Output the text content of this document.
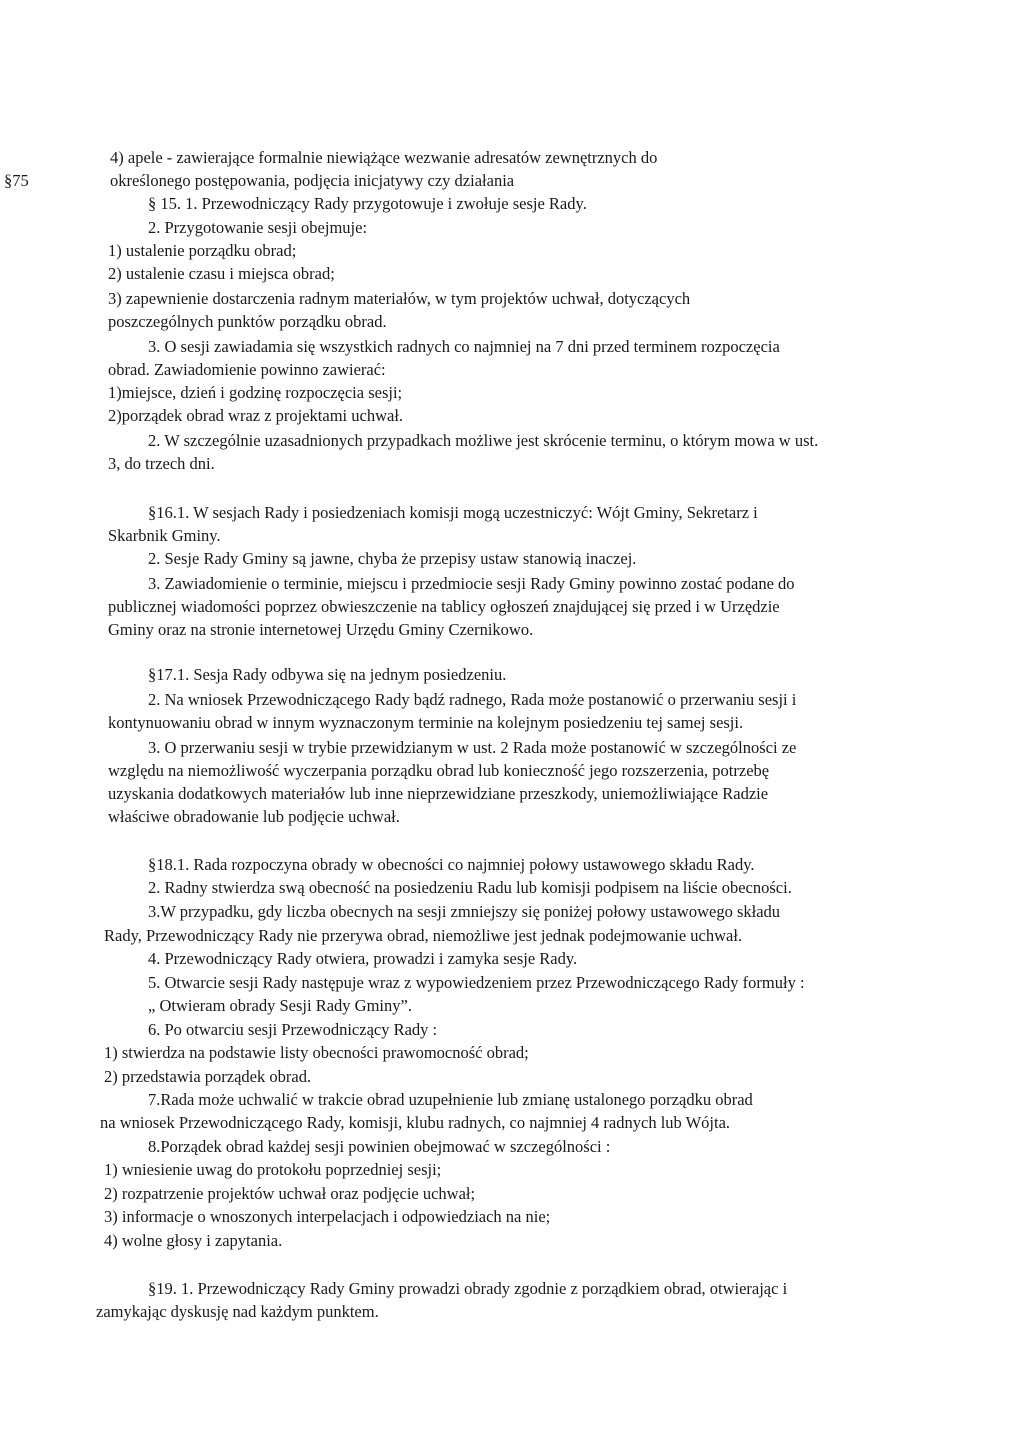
4) apele - zawierające formalnie niewiążące wezwanie adresatów zewnętrznych do
§75	określonego postępowania, podjęcia inicjatywy czy działania
§ 15. 1. Przewodniczący Rady przygotowuje i zwołuje sesje Rady.
2. Przygotowanie sesji obejmuje:
1) ustalenie porządku obrad;
2) ustalenie czasu i miejsca obrad;
3) zapewnienie dostarczenia radnym materiałów, w tym projektów uchwał, dotyczących
poszczególnych punktów porządku obrad.
3. O sesji zawiadamia się wszystkich radnych co najmniej na 7 dni przed terminem rozpoczęcia
obrad. Zawiadomienie powinno zawierać:
1)miejsce, dzień i godzinę rozpoczęcia sesji;
2)porządek obrad wraz z projektami uchwał.
2. W szczególnie uzasadnionych przypadkach możliwe jest skrócenie terminu, o którym mowa w ust.
3, do trzech dni.
§16.1. W sesjach Rady i posiedzeniach komisji mogą uczestniczyć: Wójt Gminy, Sekretarz i
Skarbnik Gminy.
2. Sesje Rady Gminy są jawne, chyba że przepisy ustaw stanowią inaczej.
3. Zawiadomienie o terminie, miejscu i przedmiocie sesji Rady Gminy powinno zostać podane do
publicznej wiadomości poprzez obwieszczenie na tablicy ogłoszeń znajdującej się przed i w Urzędzie
Gminy oraz na stronie internetowej Urzędu Gminy Czernikowo.
§17.1. Sesja Rady odbywa się na jednym posiedzeniu.
2. Na wniosek Przewodniczącego Rady bądź radnego, Rada może postanowić o przerwaniu sesji i
kontynuowaniu obrad w innym wyznaczonym terminie na kolejnym posiedzeniu tej samej sesji.
3. O przerwaniu sesji w trybie przewidzianym w ust. 2 Rada może postanowić w szczególności ze
względu na niemożliwość wyczerpania porządku obrad lub konieczność jego rozszerzenia, potrzebę
uzyskania dodatkowych materiałów lub inne nieprzewidziane przeszkody, uniemożliwiające Radzie
właściwe obradowanie lub podjęcie uchwał.
§18.1. Rada rozpoczyna obrady w obecności co najmniej połowy ustawowego składu Rady.
2. Radny stwierdza swą obecność na posiedzeniu Radu lub komisji podpisem na liście obecności.
3.W przypadku, gdy liczba obecnych na sesji zmniejszy się poniżej połowy ustawowego składu
Rady, Przewodniczący Rady nie przerywa obrad, niemożliwe jest jednak podejmowanie uchwał.
4. Przewodniczący Rady otwiera, prowadzi i zamyka sesje Rady.
5. Otwarcie sesji Rady następuje wraz z wypowiedzeniem przez Przewodniczącego Rady formuły :
„ Otwieram obrady Sesji Rady Gminy”.
6. Po otwarciu sesji Przewodniczący Rady :
1) stwierdza na podstawie listy obecności prawomocność obrad;
2) przedstawia porządek obrad.
7.Rada może uchwalić w trakcie obrad uzupełnienie lub zmianę ustalonego porządku obrad
na wniosek Przewodniczącego Rady, komisji, klubu radnych, co najmniej 4 radnych lub Wójta.
8.Porządek obrad każdej sesji powinien obejmować w szczególności :
1) wniesienie uwag do protokołu poprzedniej sesji;
2) rozpatrzenie projektów uchwał oraz podjęcie uchwał;
3) informacje o wnoszonych interpelacjach i odpowiedziach na nie;
4) wolne głosy i zapytania.
§19. 1. Przewodniczący Rady Gminy prowadzi obrady zgodnie z porządkiem obrad, otwierając i
zamykając dyskusję nad każdym punktem.
